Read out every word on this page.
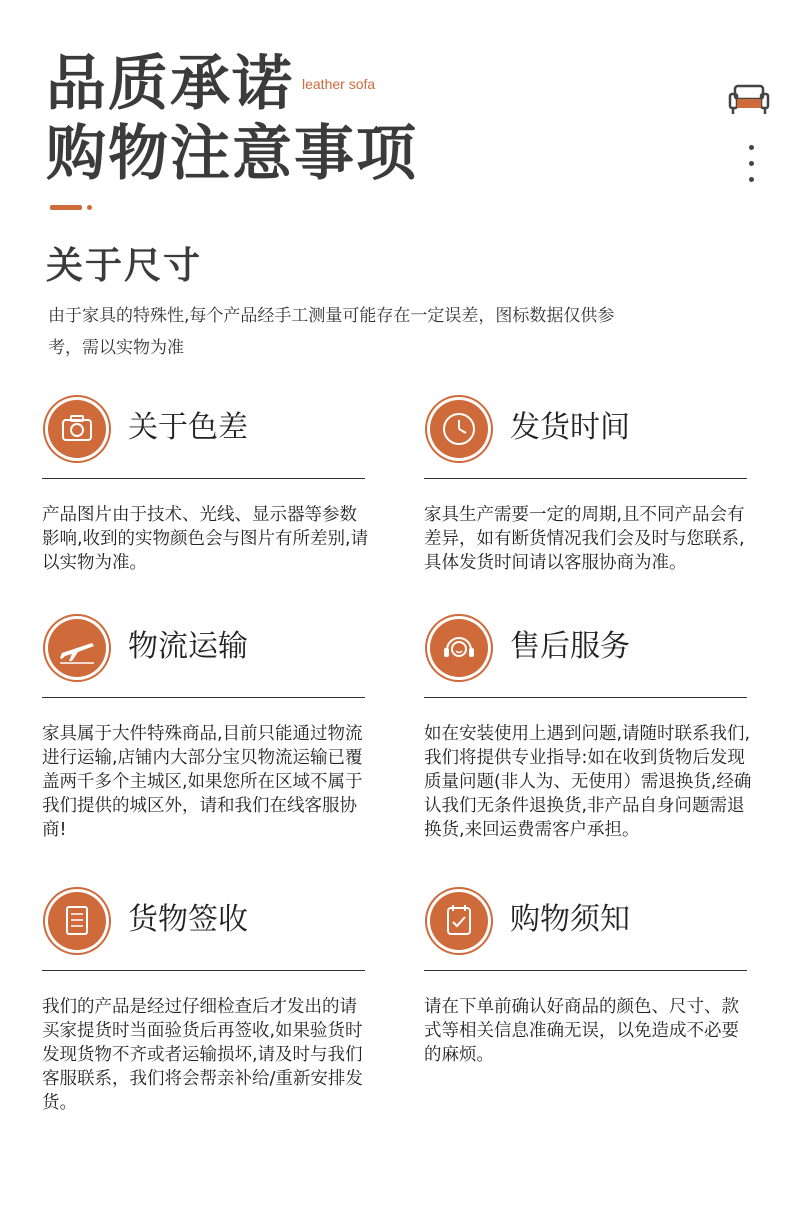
品质承诺 leather sofa
购物注意事项
关于尺寸

由于家具的特殊性,每个产品经手工测量可能存在一定误差，图标数据仅供参考，需以实物为准

关于色差

产品图片由于技术、光线、显示器等参数影响,收到的实物颜色会与图片有所差别,请以实物为准。

发货时间

家具生产需要一定的周期,且不同产品会有差异，如有断货情况我们会及时与您联系,具体发货时间请以客服协商为准。

物流运输

家具属于大件特殊商品,目前只能通过物流进行运输,店铺内大部分宝贝物流运输已覆盖两千多个主城区,如果您所在区域不属于我们提供的城区外，请和我们在线客服协商!

售后服务

如在安装使用上遇到问题,请随时联系我们,我们将提供专业指导:如在收到货物后发现质量问题(非人为、无使用）需退换货,经确认我们无条件退换货,非产品自身问题需退换货,来回运费需客户承担。

货物签收

我们的产品是经过仔细检查后才发出的请买家提货时当面验货后再签收,如果验货时发现货物不齐或者运输损坏,请及时与我们客服联系，我们将会帮亲补给/重新安排发货。

购物须知

请在下单前确认好商品的颜色、尺寸、款式等相关信息准确无误，以免造成不必要的麻烦。
